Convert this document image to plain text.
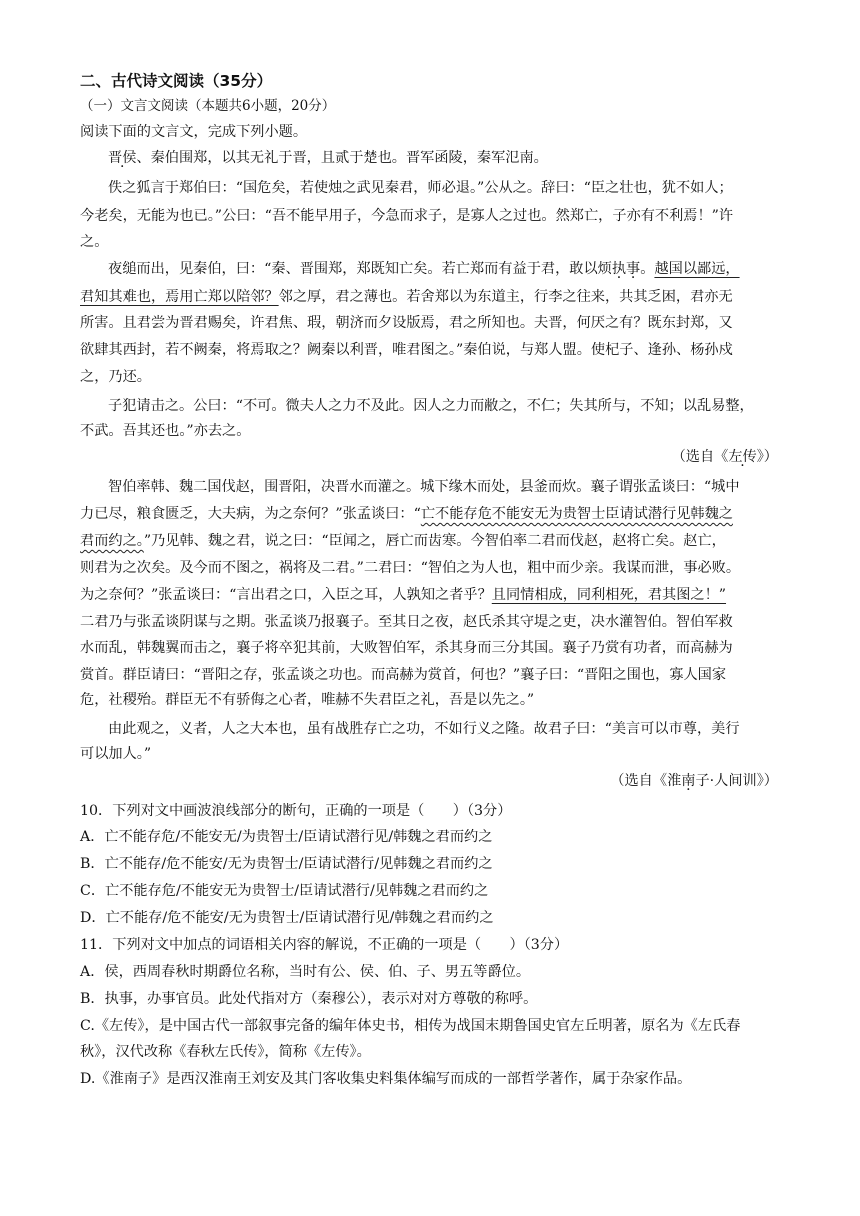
二、古代诗文阅读（35分）
（一）文言文阅读（本题共6小题，20分）
阅读下面的文言文，完成下列小题。
晋侯、秦伯围郑，以其无礼于晋，且贰于楚也。晋军函陵，秦军氾南。
佚之狐言于郑伯曰：“国危矣，若使烛之武见秦君，师必退。”公从之。辞曰：“臣之壮也，犹不如人；
今老矣，无能为也已。”公曰：“吾不能早用子，今急而求子，是寡人之过也。然郑亡，子亦有不利焉！”许
之。
夜缒而出，见秦伯，曰：“秦、晋围郑，郑既知亡矣。若亡郑而有益于君，敢以烦执事。越国以鄙远，
君知其难也，焉用亡郑以陪邻？邻之厚，君之薄也。若舍郑以为东道主，行李之往来，共其乏困，君亦无
所害。且君尝为晋君赐矣，许君焦、瑕，朝济而夕设版焉，君之所知也。夫晋，何厌之有？既东封郑，又
欲肆其西封，若不阙秦，将焉取之？阙秦以利晋，唯君图之。”秦伯说，与郑人盟。使杞子、逢孙、杨孙戍
之，乃还。
子犯请击之。公曰：“不可。微夫人之力不及此。因人之力而敝之，不仁；失其所与，不知；以乱易整，
不武。吾其还也。”亦去之。
（选自《左传》）
智伯率韩、魏二国伐赵，围晋阳，决晋水而灌之。城下缘木而处，县釜而炊。襄子谓张孟谈曰：“城中
力已尽，粮食匮乏，大夫病，为之奈何？”张孟谈曰：“亡不能存危不能安无为贵智士臣请试潜行见韩魏之
君而约之。”乃见韩、魏之君，说之曰：“臣闻之，唇亡而齿寒。今智伯率二君而伐赵，赵将亡矣。赵亡，
则君为之次矣。及今而不图之，祸将及二君。”二君曰：“智伯之为人也，粗中而少亲。我谋而泄，事必败。
为之奈何？”张孟谈曰：“言出君之口，入臣之耳，人孰知之者乎？且同情相成，同利相死，君其图之！”
二君乃与张孟谈阴谋与之期。张孟谈乃报襄子。至其日之夜，赵氏杀其守堤之吏，决水灌智伯。智伯军救
水而乱，韩魏翼而击之，襄子将卒犯其前，大败智伯军，杀其身而三分其国。襄子乃赏有功者，而高赫为
赏首。群臣请曰：“晋阳之存，张孟谈之功也。而高赫为赏首，何也？”襄子曰：“晋阳之围也，寡人国家
危，社稷殆。群臣无不有骄侮之心者，唯赫不失君臣之礼，吾是以先之。”
由此观之，义者，人之大本也，虽有战胜存亡之功，不如行义之隆。故君子曰：“美言可以市尊，美行
可以加人。”
（选自《淮南子·人间训》）
10．下列对文中画波浪线部分的断句，正确的一项是（　　）（3分）
A．亡不能存危/不能安无/为贵智士/臣请试潜行见/韩魏之君而约之
B．亡不能存/危不能安/无为贵智士/臣请试潜行/见韩魏之君而约之
C．亡不能存危/不能安无为贵智士/臣请试潜行/见韩魏之君而约之
D．亡不能存/危不能安/无为贵智士/臣请试潜行见/韩魏之君而约之
11．下列对文中加点的词语相关内容的解说，不正确的一项是（　　）（3分）
A．侯，西周春秋时期爵位名称，当时有公、侯、伯、子、男五等爵位。
B．执事，办事官员。此处代指对方（秦穆公），表示对对方尊敬的称呼。
C.《左传》，是中国古代一部叙事完备的编年体史书，相传为战国末期鲁国史官左丘明著，原名为《左氏春
秋》，汉代改称《春秋左氏传》，简称《左传》。
D.《淮南子》是西汉淮南王刘安及其门客收集史料集体编写而成的一部哲学著作，属于杂家作品。
